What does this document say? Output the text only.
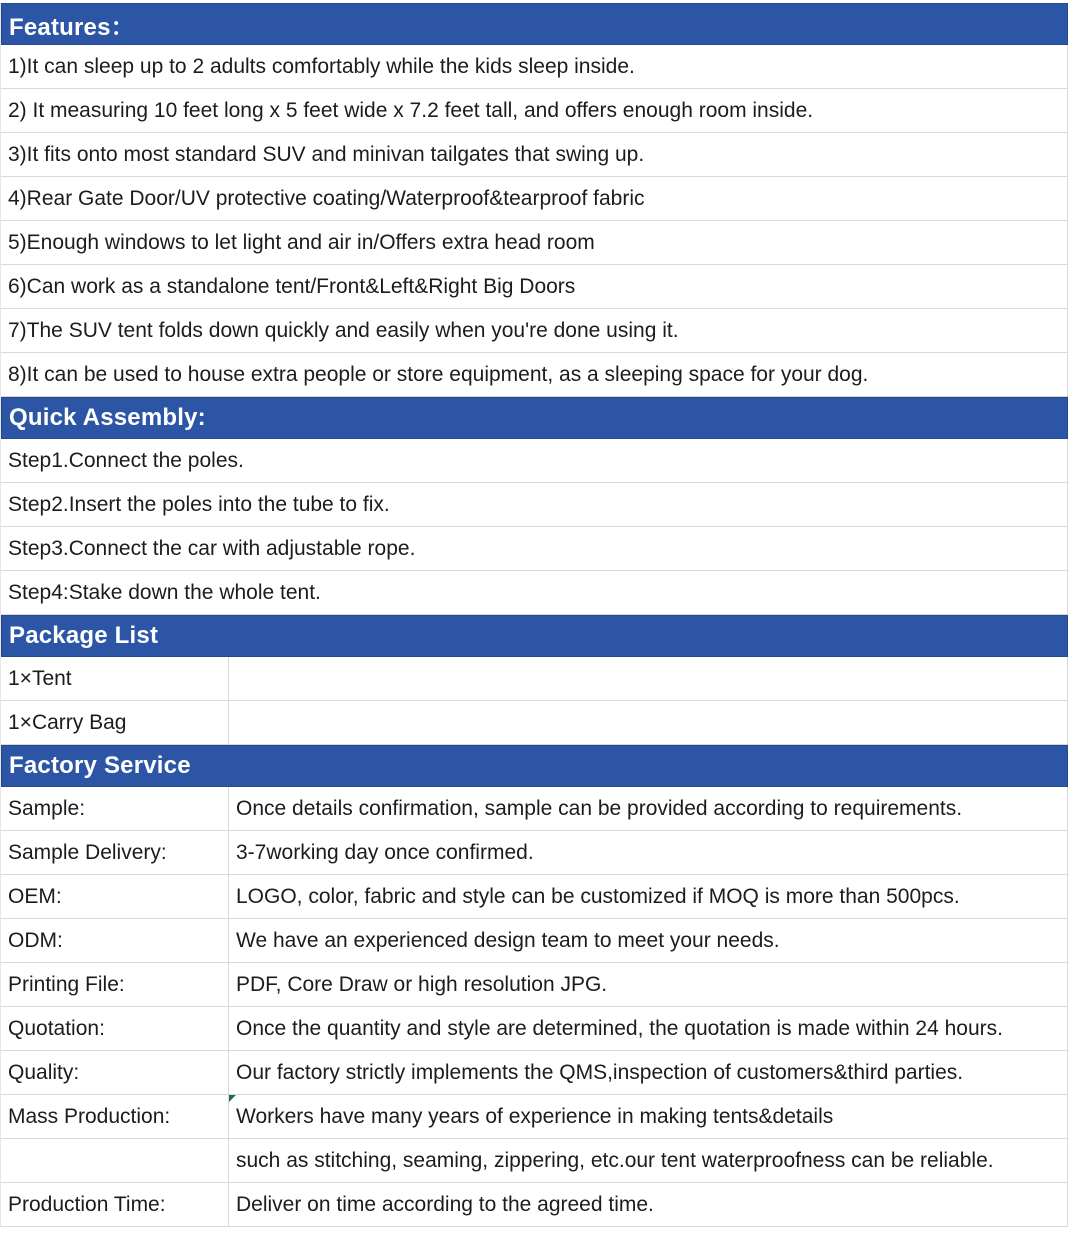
Features：
1)It can sleep up to 2 adults comfortably while the kids sleep inside.
2) It measuring 10 feet long x 5 feet wide x 7.2 feet tall, and offers enough room inside.
3)It fits onto most standard SUV and minivan tailgates that swing up.
4)Rear Gate Door/UV protective coating/Waterproof&tearproof fabric
5)Enough windows to let light and air in/Offers extra head room
6)Can work as a standalone tent/Front&Left&Right Big Doors
7)The SUV tent folds down quickly and easily when you're done using it.
8)It can be used to house extra people or store equipment, as a sleeping space for your dog.
Quick Assembly:
Step1.Connect the poles.
Step2.Insert the poles into the tube to fix.
Step3.Connect the car with adjustable rope.
Step4:Stake down the whole tent.
Package List
1×Tent
1×Carry Bag
Factory Service
Sample:	Once details confirmation, sample can be provided according to requirements.
Sample Delivery:	3-7working day once confirmed.
OEM:	LOGO, color, fabric and style can be customized if MOQ is more than 500pcs.
ODM:	We have an experienced design team to meet your needs.
Printing File:	PDF, Core Draw or high resolution JPG.
Quotation:	Once the quantity and style are determined, the quotation is made within 24 hours.
Quality:	Our factory strictly implements the QMS,inspection of customers&third parties.
Mass Production:	Workers have many years of experience in making tents&details
such as stitching, seaming, zippering, etc.our tent waterproofness can be reliable.
Production Time:	Deliver on time according to the agreed time.
